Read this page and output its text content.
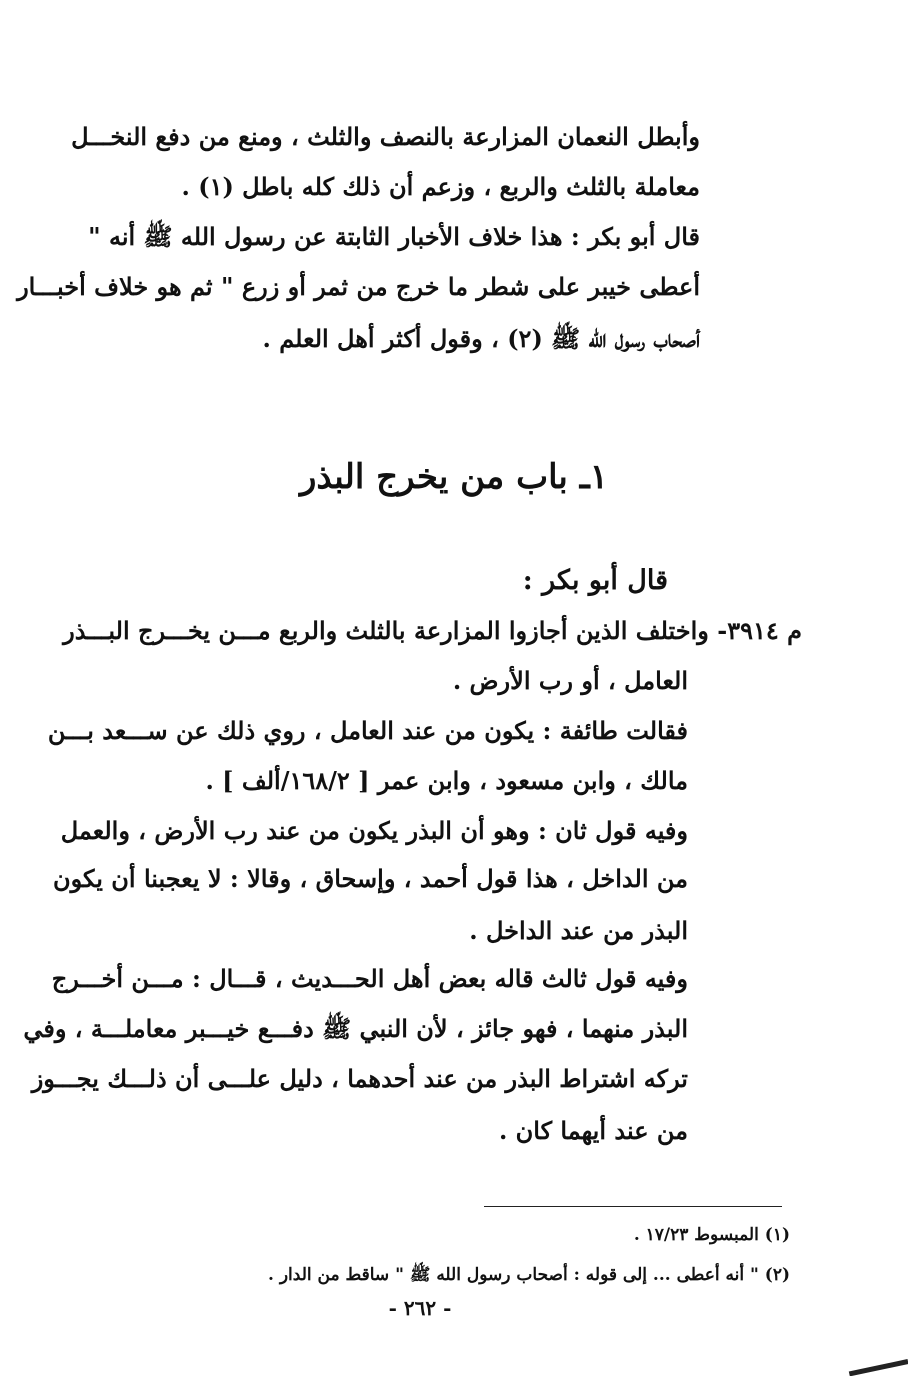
وأبطل النعمان المزارعة بالنصف والثلث ، ومنع من دفع النخـــل
معاملة بالثلث والربع ، وزعم أن ذلك كله باطل (١) .
قال أبو بكر : هذا خلاف الأخبار الثابتة عن رسول الله ﷺ أنه "
أعطى خيبر على شطر ما خرج من ثمر أو زرع " ثم هو خلاف أخبـــار
أصحاب رسول الله ﷺ (٢) ، وقول أكثر أهل العلم .
١ـ باب من يخرج البذر
قال أبو بكر :
م ٣٩١٤- واختلف الذين أجازوا المزارعة بالثلث والربع مـــن يخـــرج البـــذر
العامل ، أو رب الأرض .
فقالت طائفة : يكون من عند العامل ، روي ذلك عن ســـعد بـــن
مالك ، وابن مسعود ، وابن عمر [ ١٦٨/٢/ألف ] .
وفيه قول ثان : وهو أن البذر يكون من عند رب الأرض ، والعمل
من الداخل ، هذا قول أحمد ، وإسحاق ، وقالا : لا يعجبنا أن يكون
البذر من عند الداخل .
وفيه قول ثالث قاله بعض أهل الحـــديث ، قـــال : مـــن أخـــرج
البذر منهما ، فهو جائز ، لأن النبي ﷺ دفـــع خيـــبر معاملـــة ، وفي
تركه اشتراط البذر من عند أحدهما ، دليل علـــى أن ذلـــك يجـــوز
من عند أيهما كان .
(١) المبسوط ١٧/٢٣ .
(٢) " أنه أعطى ... إلى قوله : أصحاب رسول الله ﷺ " ساقط من الدار .
- ٢٦٢ -
